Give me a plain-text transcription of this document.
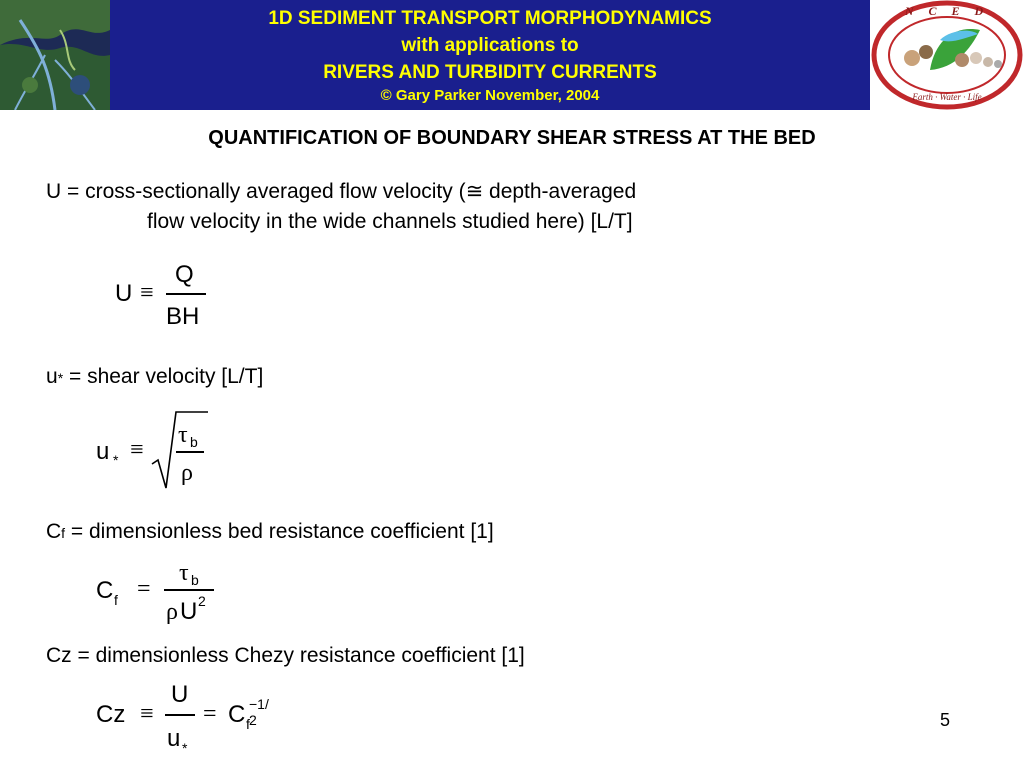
1D SEDIMENT TRANSPORT MORPHODYNAMICS
with applications to
RIVERS AND TURBIDITY CURRENTS
© Gary Parker November, 2004
N C E D
Earth · Water · Life
QUANTIFICATION OF BOUNDARY SHEAR STRESS AT THE BED
U = cross-sectionally averaged flow velocity (≅ depth-averaged
flow velocity in the wide channels studied here) [L/T]
U ≡
Q
BH
u* = shear velocity [L/T]
u * ≡
τ b
ρ
Cf = dimensionless bed resistance coefficient [1]
C f =
τ b
ρ U 2
Cz = dimensionless Chezy resistance coefficient [1]
Cz ≡
U
u *
= C f
−1/ 2	5
